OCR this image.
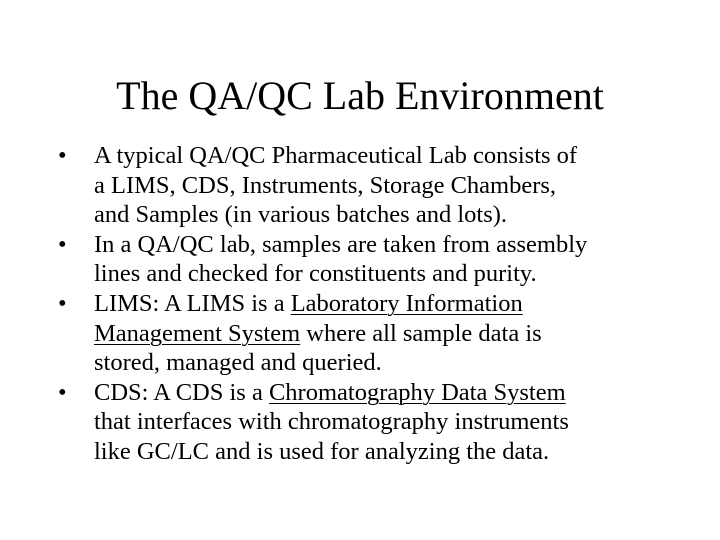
The QA/QC Lab Environment
•	A typical QA/QC Pharmaceutical Lab consists of
a LIMS, CDS, Instruments, Storage Chambers,
and Samples (in various batches and lots).
•	In a QA/QC lab, samples are taken from assembly
lines and checked for constituents and purity.
•	LIMS: A LIMS is a Laboratory Information
Management System where all sample data is
stored, managed and queried.
•	CDS: A CDS is a Chromatography Data System
that interfaces with chromatography instruments
like GC/LC and is used for analyzing the data.
